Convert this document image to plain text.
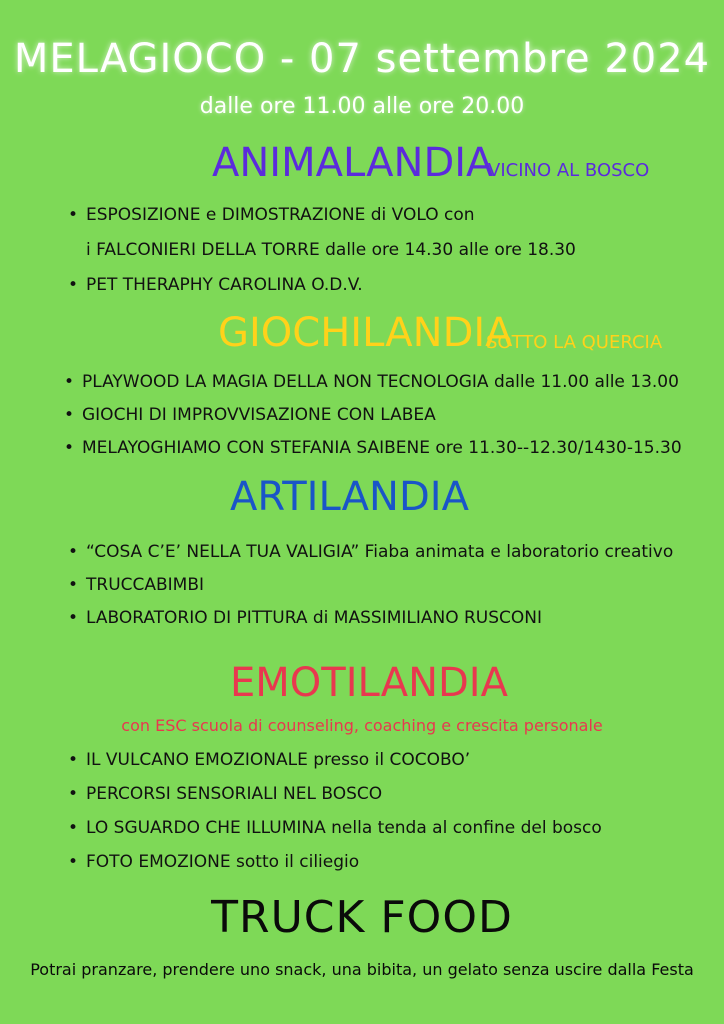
MELAGIOCO - 07 settembre 2024
dalle ore 11.00 alle ore 20.00
ANIMALANDIA
VICINO AL BOSCO
• ESPOSIZIONE e DIMOSTRAZIONE di VOLO con
i FALCONIERI DELLA TORRE dalle ore 14.30 alle ore 18.30
• PET THERAPHY CAROLINA O.D.V.
GIOCHILANDIA
SOTTO LA QUERCIA
• PLAYWOOD LA MAGIA DELLA NON TECNOLOGIA dalle 11.00 alle 13.00
• GIOCHI DI IMPROVVISAZIONE CON LABEA
• MELAYOGHIAMO CON STEFANIA SAIBENE ore 11.30--12.30/1430-15.30
ARTILANDIA
• “COSA C’E’ NELLA TUA VALIGIA” Fiaba animata e laboratorio creativo
• TRUCCABIMBI
• LABORATORIO DI PITTURA di MASSIMILIANO RUSCONI
EMOTILANDIA
con ESC scuola di counseling, coaching e crescita personale
• IL VULCANO EMOZIONALE presso il COCOBO’
• PERCORSI SENSORIALI NEL BOSCO
• LO SGUARDO CHE ILLUMINA nella tenda al confine del bosco
• FOTO EMOZIONE sotto il ciliegio
TRUCK FOOD
Potrai pranzare, prendere uno snack, una bibita, un gelato senza uscire dalla Festa
